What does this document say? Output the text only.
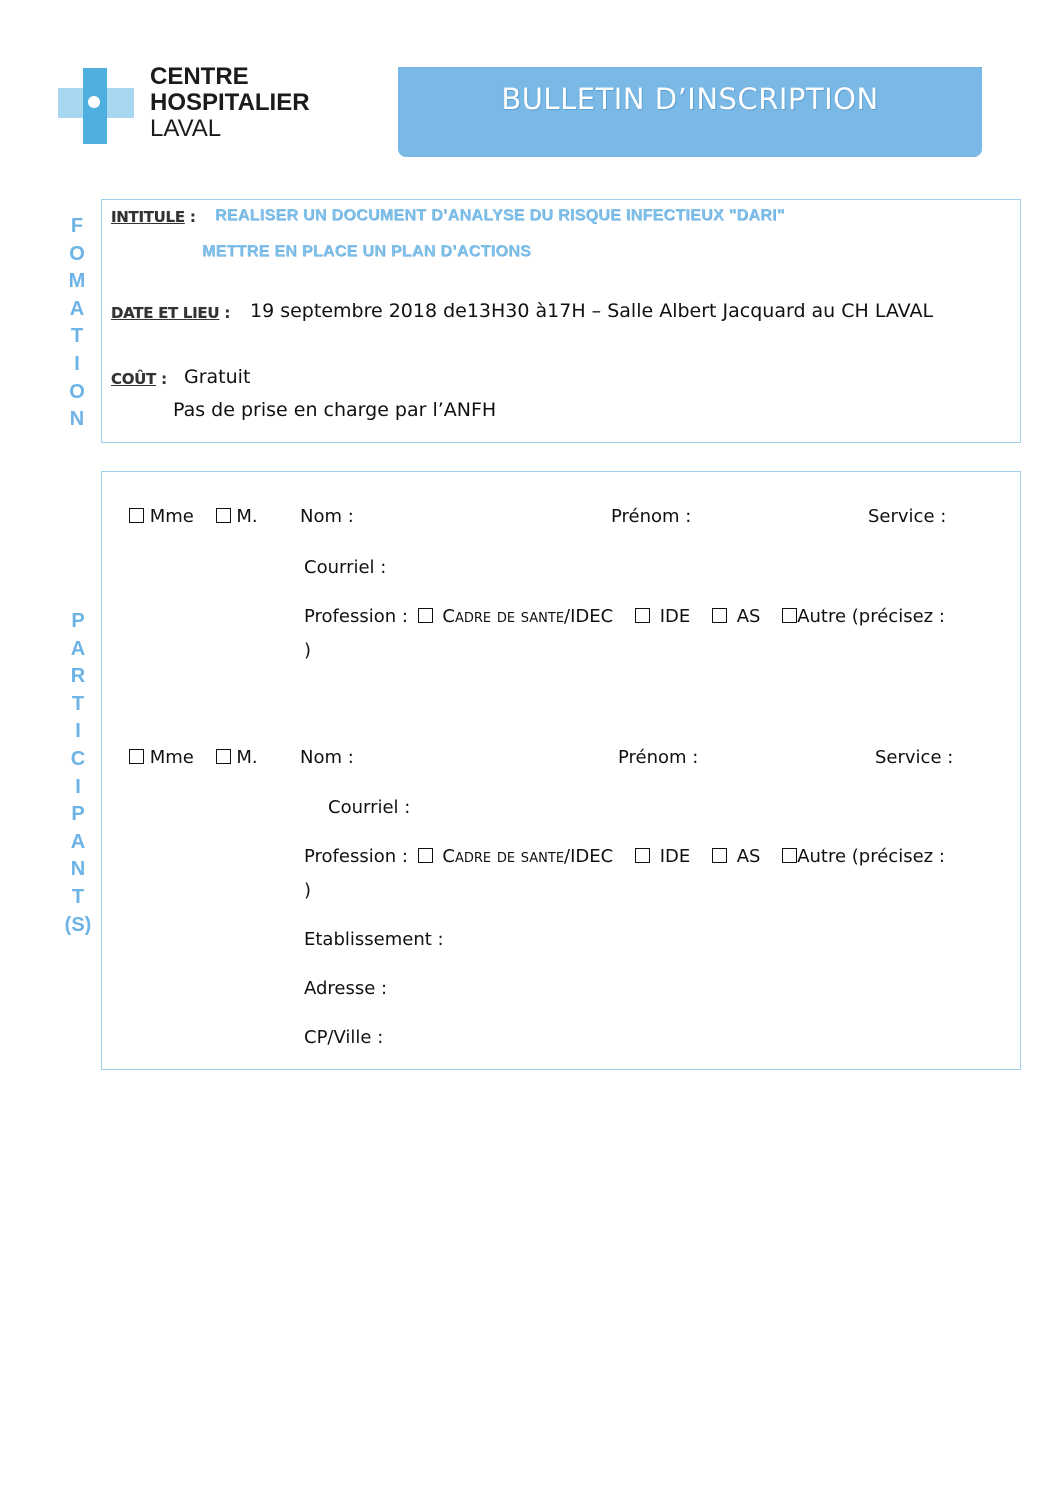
CENTRE
HOSPITALIER
LAVAL
BULLETIN D’INSCRIPTION
F
O
M
A
T
I
O
N
INTITULE : REALISER UN DOCUMENT D’ANALYSE DU RISQUE INFECTIEUX "DARI"
METTRE EN PLACE UN PLAN D’ACTIONS
DATE ET LIEU : 19 septembre 2018 de13H30 à17H – Salle Albert Jacquard au CH LAVAL
COÛT : Gratuit
Pas de prise en charge par l’ANFH
P
A
R
T
I
C
I
P
A
N
T
(S)
Mme M. Nom :	Prénom :	Service :
Courriel :
Profession : Cadre de sante/IDEC	IDE	AS Autre (précisez :
)
Mme M. Nom :	Prénom :	Service :
Courriel :
Profession : Cadre de sante/IDEC	IDE	AS Autre (précisez :
)
Etablissement :
Adresse :
CP/Ville :
